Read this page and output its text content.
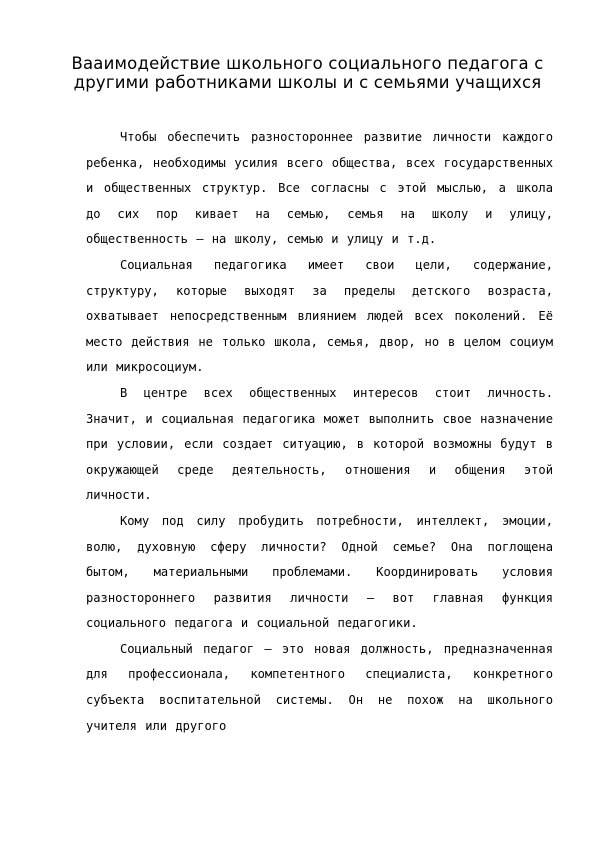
Ваaимодействие школьного социального педагога с другими работниками школы и с семьями учащихся

Чтобы обеспечить разностороннее развитие личности каждого ребенка, необходимы усилия всего общества, всех государственных и общественных структур. Все согласны с этой мыслью, а школа до сих пор кивает на семью, семья на школу и улицу, общественность – на школу, семью и улицу и т.д.

Социальная педагогика имеет свои цели, содержание, структуру, которые выходят за пределы детского возраста, охватывает непосредственным влиянием людей всех поколений. Её место действия не только школа, семья, двор, но в целом социум или микросоциум.

В центре всех общественных интересов стоит личность. Значит, и социальная педагогика может выполнить свое назначение при условии, если создает ситуацию, в которой возможны будут в окружающей среде деятельность, отношения и общения этой личности.

Кому под силу пробудить потребности, интеллект, эмоции, волю, духовную сферу личности? Одной семье? Она поглощена бытом, материальными проблемами. Координировать условия разностороннего развития личности – вот главная функция социального педагога и социальной педагогики.

Социальный педагог – это новая должность, предназначенная для профессионала, компетентного специалиста, конкретного субъекта воспитательной системы. Он не похож на школьного учителя или другого
